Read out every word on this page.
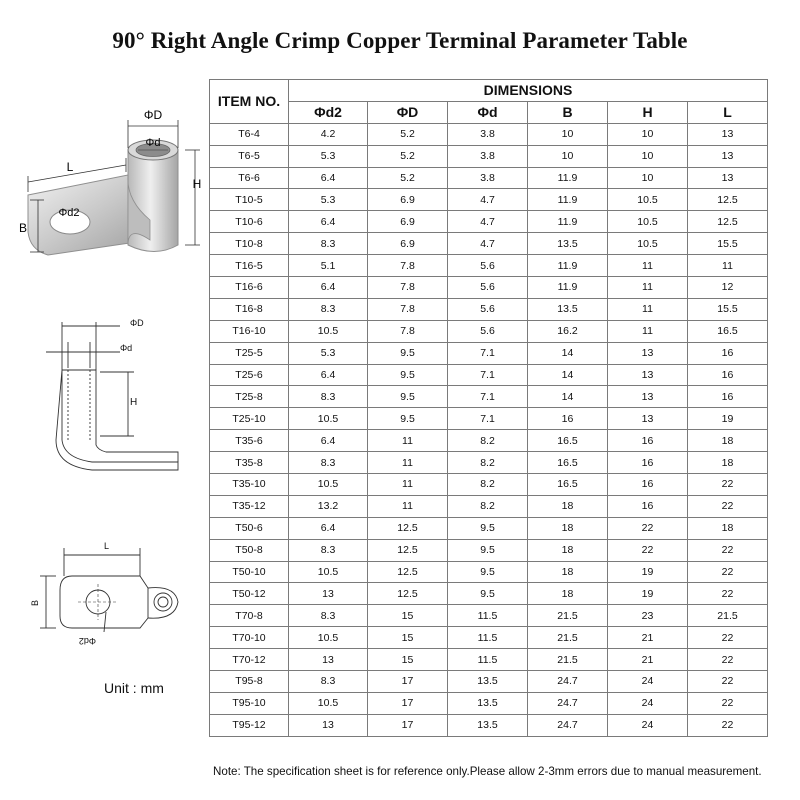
90° Right Angle Crimp Copper Terminal Parameter Table
ΦD
Φd
Φd2
L
B
H
ΦD
Φd
H
L
B
Φd2
Unit : mm
ITEM NO.	DIMENSIONS					
	Φd2	ΦD	Φd	B	H	L
T6-4	4.2	5.2	3.8	10	10	13
T6-5	5.3	5.2	3.8	10	10	13
T6-6	6.4	5.2	3.8	11.9	10	13
T10-5	5.3	6.9	4.7	11.9	10.5	12.5
T10-6	6.4	6.9	4.7	11.9	10.5	12.5
T10-8	8.3	6.9	4.7	13.5	10.5	15.5
T16-5	5.1	7.8	5.6	11.9	11	11
T16-6	6.4	7.8	5.6	11.9	11	12
T16-8	8.3	7.8	5.6	13.5	11	15.5
T16-10	10.5	7.8	5.6	16.2	11	16.5
T25-5	5.3	9.5	7.1	14	13	16
T25-6	6.4	9.5	7.1	14	13	16
T25-8	8.3	9.5	7.1	14	13	16
T25-10	10.5	9.5	7.1	16	13	19
T35-6	6.4	11	8.2	16.5	16	18
T35-8	8.3	11	8.2	16.5	16	18
T35-10	10.5	11	8.2	16.5	16	22
T35-12	13.2	11	8.2	18	16	22
T50-6	6.4	12.5	9.5	18	22	18
T50-8	8.3	12.5	9.5	18	22	22
T50-10	10.5	12.5	9.5	18	19	22
T50-12	13	12.5	9.5	18	19	22
T70-8	8.3	15	11.5	21.5	23	21.5
T70-10	10.5	15	11.5	21.5	21	22
T70-12	13	15	11.5	21.5	21	22
T95-8	8.3	17	13.5	24.7	24	22
T95-10	10.5	17	13.5	24.7	24	22
T95-12	13	17	13.5	24.7	24	22
Note: The specification sheet is for reference only.Please allow 2-3mm errors due to manual measurement.
